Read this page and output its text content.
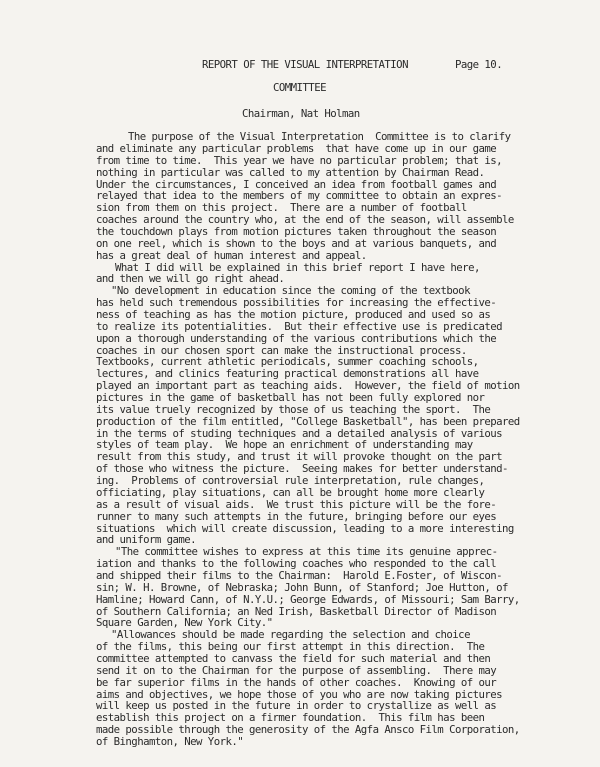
REPORT OF THE VISUAL INTERPRETATION	Page 10.
COMMITTEE
Chairman, Nat Holman
The purpose of the Visual Interpretation  Committee is to clarify
and eliminate any particular problems  that have come up in our game
from time to time.  This year we have no particular problem; that is,
nothing in particular was called to my attention by Chairman Read.
Under the circumstances, I conceived an idea from football games and
relayed that idea to the members of my committee to obtain an expres-
sion from them on this project.  There are a number of football
coaches around the country who, at the end of the season, will assemble
the touchdown plays from motion pictures taken throughout the season
on one reel, which is shown to the boys and at various banquets, and
has a great deal of human interest and appeal.
What I did will be explained in this brief report I have here,
and then we will go right ahead.
"No development in education since the coming of the textbook
has held such tremendous possibilities for increasing the effective-
ness of teaching as has the motion picture, produced and used so as
to realize its potentialities.  But their effective use is predicated
upon a thorough understanding of the various contributions which the
coaches in our chosen sport can make the instructional process.
Textbooks, current athletic periodicals, summer coaching schools,
lectures, and clinics featuring practical demonstrations all have
played an important part as teaching aids.  However, the field of motion
pictures in the game of basketball has not been fully explored nor
its value truely recognized by those of us teaching the sport.  The
production of the film entitled, "College Basketball", has been prepared
in the terms of studing techniques and a detailed analysis of various
styles of team play.  We hope an enrichment of understanding may
result from this study, and trust it will provoke thought on the part
of those who witness the picture.  Seeing makes for better understand-
ing.  Problems of controversial rule interpretation, rule changes,
officiating, play situations, can all be brought home more clearly
as a result of visual aids.  We trust this picture will be the fore-
runner to many such attempts in the future, bringing before our eyes
situations  which will create discussion, leading to a more interesting
and uniform game.
"The committee wishes to express at this time its genuine apprec-
iation and thanks to the following coaches who responded to the call
and shipped their films to the Chairman:  Harold E.Foster, of Wiscon-
sin; W. H. Browne, of Nebraska; John Bunn, of Stanford; Joe Hutton, of
Hamline; Howard Cann, of N.Y.U.; George Edwards, of Missouri; Sam Barry,
of Southern California; an Ned Irish, Basketball Director of Madison
Square Garden, New York City."
"Allowances should be made regarding the selection and choice
of the films, this being our first attempt in this direction.  The
committee attempted to canvass the field for such material and then
send it on to the Chairman for the purpose of assembling.  There may
be far superior films in the hands of other coaches.  Knowing of our
aims and objectives, we hope those of you who are now taking pictures
will keep us posted in the future in order to crystallize as well as
establish this project on a firmer foundation.  This film has been
made possible through the generosity of the Agfa Ansco Film Corporation,
of Binghamton, New York."
